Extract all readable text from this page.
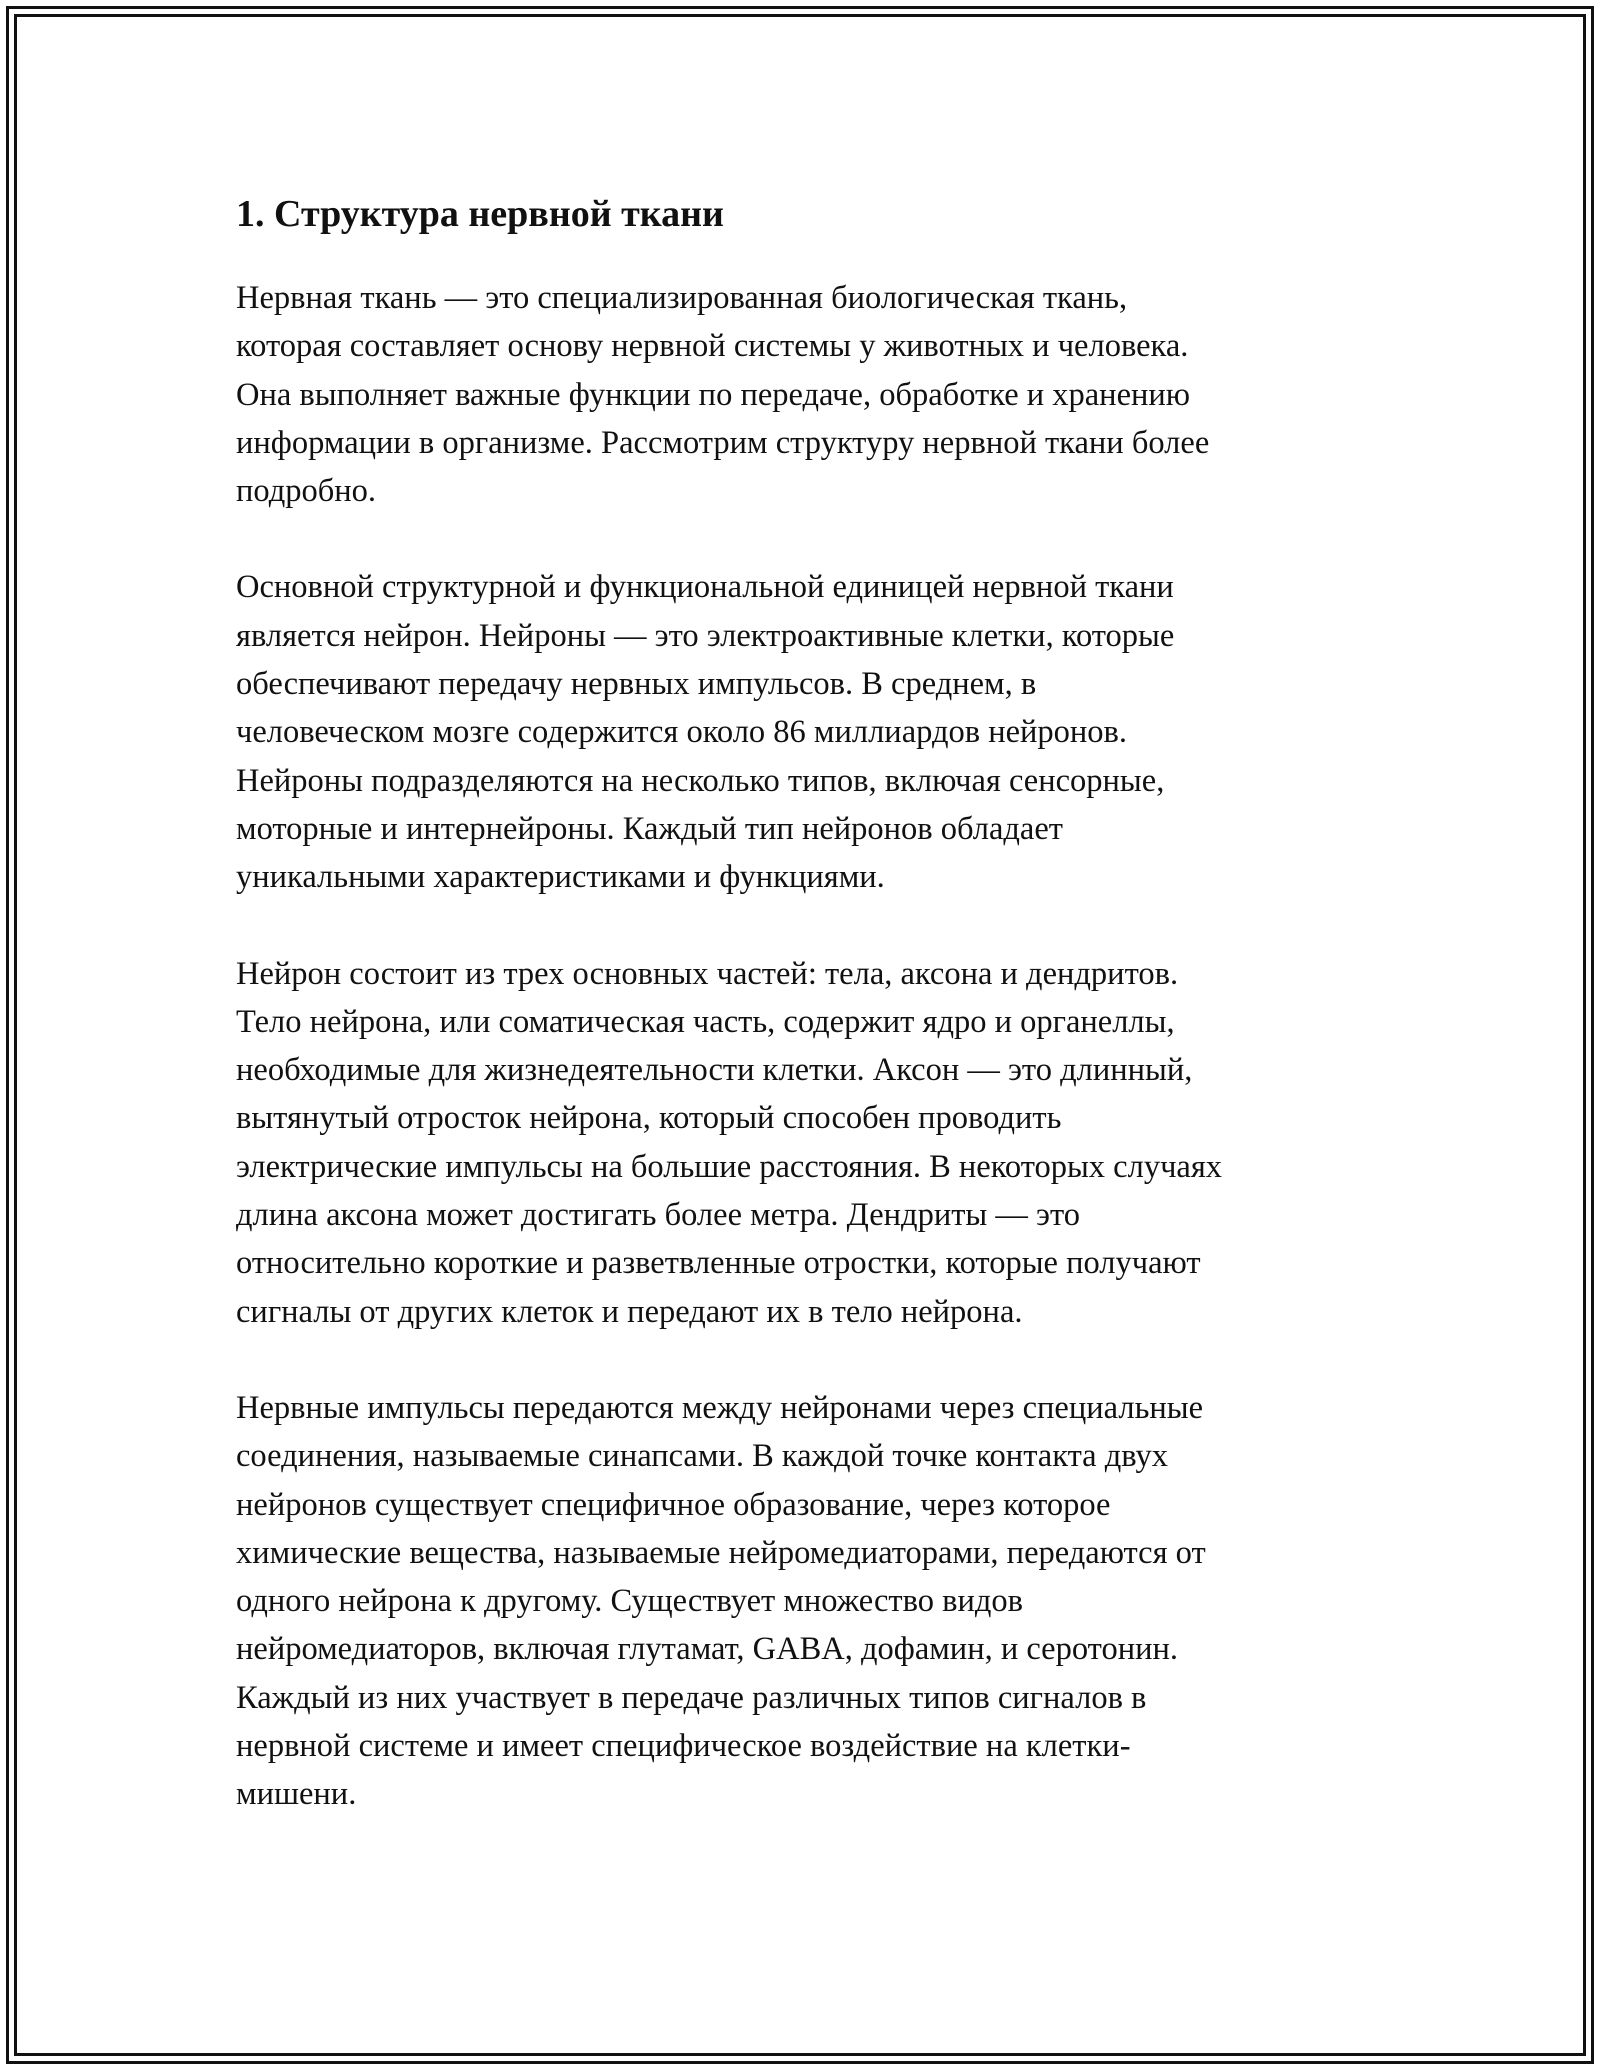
1. Структура нервной ткани

Нервная ткань — это специализированная биологическая ткань,
которая составляет основу нервной системы у животных и человека.
Она выполняет важные функции по передаче, обработке и хранению
информации в организме. Рассмотрим структуру нервной ткани более
подробно.

Основной структурной и функциональной единицей нервной ткани
является нейрон. Нейроны — это электроактивные клетки, которые
обеспечивают передачу нервных импульсов. В среднем, в
человеческом мозге содержится около 86 миллиардов нейронов.
Нейроны подразделяются на несколько типов, включая сенсорные,
моторные и интернейроны. Каждый тип нейронов обладает
уникальными характеристиками и функциями.

Нейрон состоит из трех основных частей: тела, аксона и дендритов.
Тело нейрона, или соматическая часть, содержит ядро и органеллы,
необходимые для жизнедеятельности клетки. Аксон — это длинный,
вытянутый отросток нейрона, который способен проводить
электрические импульсы на большие расстояния. В некоторых случаях
длина аксона может достигать более метра. Дендриты — это
относительно короткие и разветвленные отростки, которые получают
сигналы от других клеток и передают их в тело нейрона.

Нервные импульсы передаются между нейронами через специальные
соединения, называемые синапсами. В каждой точке контакта двух
нейронов существует специфичное образование, через которое
химические вещества, называемые нейромедиаторами, передаются от
одного нейрона к другому. Существует множество видов
нейромедиаторов, включая глутамат, GABA, дофамин, и серотонин.
Каждый из них участвует в передаче различных типов сигналов в
нервной системе и имеет специфическое воздействие на клетки-
мишени.
